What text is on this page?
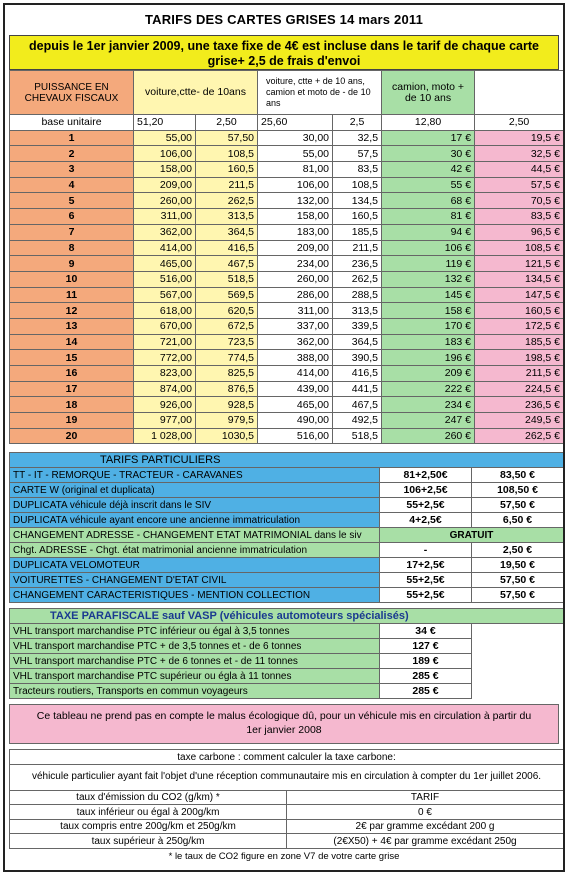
TARIFS DES CARTES GRISES 14 mars 2011
depuis le 1er janvier 2009, une taxe fixe de 4€ est incluse dans le tarif de chaque carte grise+ 2,5 de frais d'envoi
PUISSANCE EN CHEVAUX FISCAUX	voiture,ctte- de 10ans		voiture, ctte + de 10 ans, camion et moto de - de 10 ans		camion, moto + de 10 ans	
base unitaire	51,20	2,50	25,60	2,5	12,80	2,50
1	55,00	57,50	30,00	32,5	17 €	19,5 €
2	106,00	108,5	55,00	57,5	30 €	32,5 €
3	158,00	160,5	81,00	83,5	42 €	44,5 €
4	209,00	211,5	106,00	108,5	55 €	57,5 €
5	260,00	262,5	132,00	134,5	68 €	70,5 €
6	311,00	313,5	158,00	160,5	81 €	83,5 €
7	362,00	364,5	183,00	185,5	94 €	96,5 €
8	414,00	416,5	209,00	211,5	106 €	108,5 €
9	465,00	467,5	234,00	236,5	119 €	121,5 €
10	516,00	518,5	260,00	262,5	132 €	134,5 €
11	567,00	569,5	286,00	288,5	145 €	147,5 €
12	618,00	620,5	311,00	313,5	158 €	160,5 €
13	670,00	672,5	337,00	339,5	170 €	172,5 €
14	721,00	723,5	362,00	364,5	183 €	185,5 €
15	772,00	774,5	388,00	390,5	196 €	198,5 €
16	823,00	825,5	414,00	416,5	209 €	211,5 €
17	874,00	876,5	439,00	441,5	222 €	224,5 €
18	926,00	928,5	465,00	467,5	234 €	236,5 €
19	977,00	979,5	490,00	492,5	247 €	249,5 €
20	1 028,00	1030,5	516,00	518,5	260 €	262,5 €
TARIFS PARTICULIERS		
TT - IT - REMORQUE - TRACTEUR - CARAVANES	81+2,50€	83,50 €
CARTE W (original et duplicata)	106+2,5€	108,50 €
DUPLICATA véhicule déjà inscrit dans le SIV	55+2,5€	57,50 €
DUPLICATA véhicule ayant encore une ancienne immatriculation	4+2,5€	6,50 €
CHANGEMENT ADRESSE - CHANGEMENT ETAT MATRIMONIAL dans le siv	GRATUIT	
Chgt. ADRESSE - Chgt. état matrimonial ancienne immatriculation	-	2,50 €
DUPLICATA VELOMOTEUR	17+2,5€	19,50 €
VOITURETTES - CHANGEMENT D'ETAT CIVIL	55+2,5€	57,50 €
CHANGEMENT CARACTERISTIQUES - MENTION COLLECTION	55+2,5€	57,50 €
TAXE PARAFISCALE sauf VASP (véhicules automoteurs spécialisés)		
VHL transport marchandise PTC inférieur ou égal à 3,5 tonnes	34 €	
VHL transport marchandise PTC + de 3,5 tonnes et - de 6 tonnes	127 €	
VHL transport marchandise PTC + de 6 tonnes et - de 11 tonnes	189 €	
VHL transport marchandise PTC supérieur ou égla à 11 tonnes	285 €	
Tracteurs routiers, Transports en commun voyageurs	285 €	
Ce tableau ne prend pas en compte le malus écologique dû, pour un véhicule mis en circulation à partir du 1er janvier 2008
taxe carbone : comment calculer la taxe carbone:	
véhicule particulier ayant fait l'objet d'une réception communautaire mis en circulation à compter du 1er juillet 2006.	
taux d'émission du CO2 (g/km) *	TARIF
taux inférieur ou égal à 200g/km	0 €
taux compris entre 200g/km et 250g/km	2€ par gramme excédant 200 g
taux supérieur à 250g/km	(2€X50) + 4€ par gramme excédant 250g
* le taux de CO2 figure en zone V7 de votre carte grise
